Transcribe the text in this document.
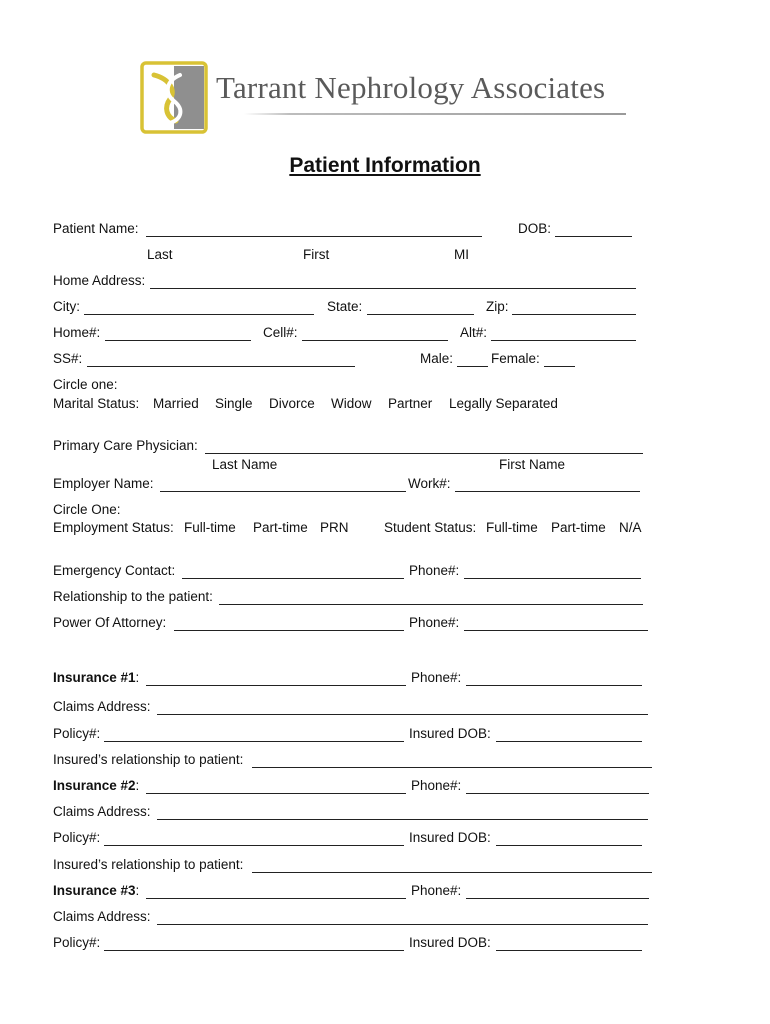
Tarrant Nephrology Associates
Patient Information
Patient Name:	DOB:
Last	First	MI
Home Address:
City:	State:	Zip:
Home#:	Cell#:	Alt#:
SS#:	Male:	Female:
Circle one:
Marital Status: Married Single Divorce Widow Partner Legally Separated
Primary Care Physician:
Last Name	First Name
Employer Name:	Work#:
Circle One:
Employment Status: Full-time Part-time PRN	Student Status: Full-time Part-time N/A
Emergency Contact:	Phone#:
Relationship to the patient:
Power Of Attorney:	Phone#:
Insurance #1:	Phone#:
Claims Address:
Policy#:	Insured DOB:
Insured’s relationship to patient:
Insurance #2:	Phone#:
Claims Address:
Policy#:	Insured DOB:
Insured’s relationship to patient:
Insurance #3:	Phone#:
Claims Address:
Policy#:	Insured DOB:
